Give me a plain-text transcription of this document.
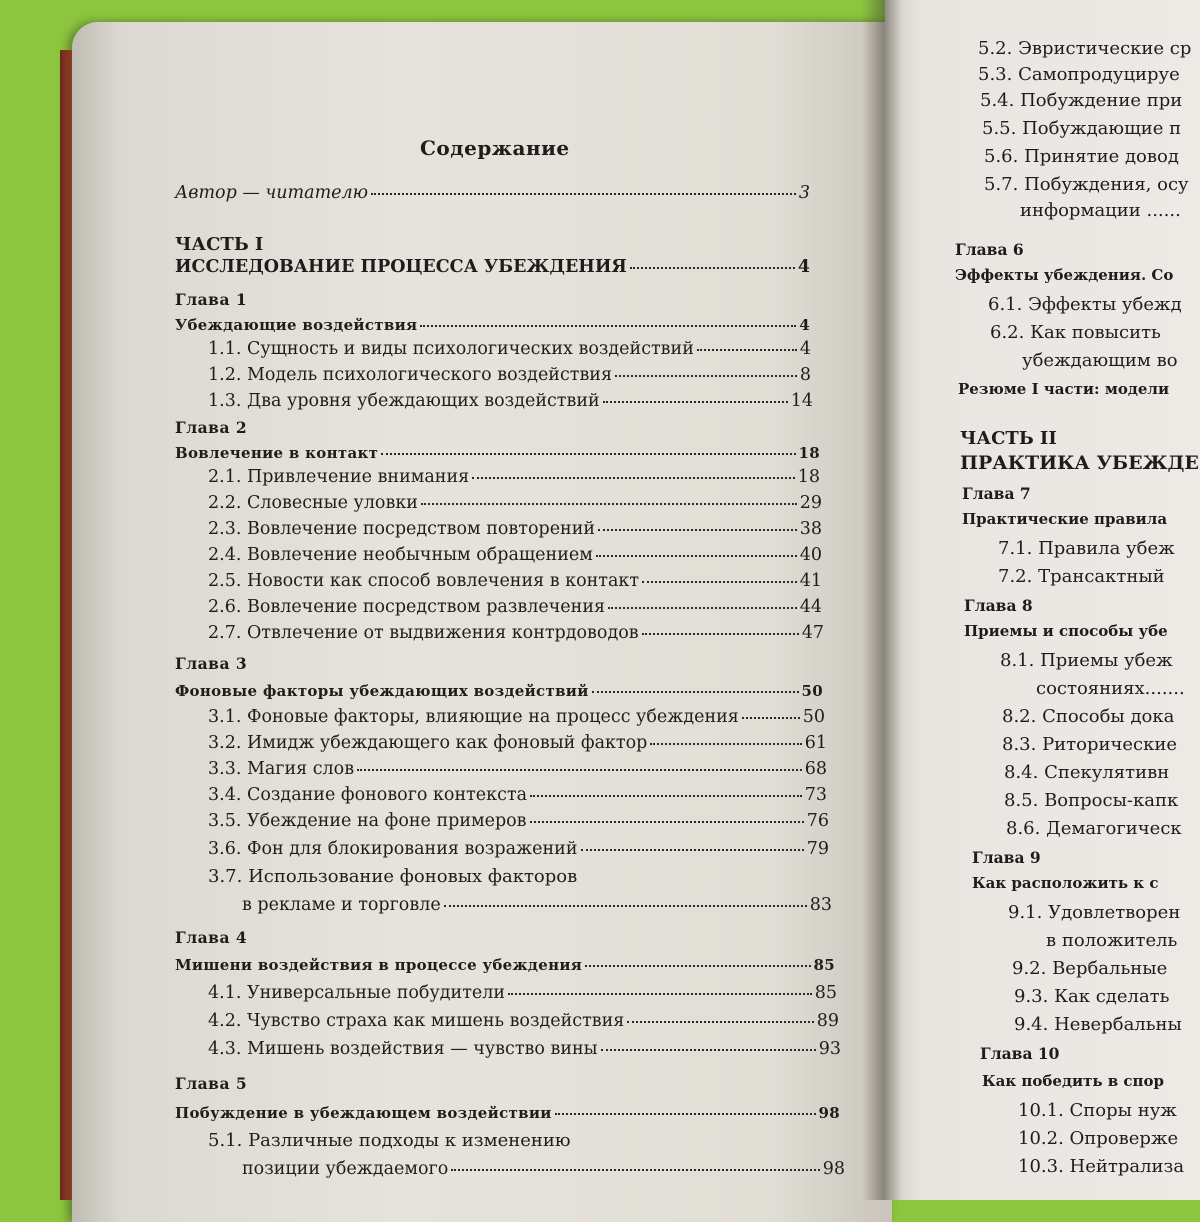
Содержание
Автор — читателю	3
ЧАСТЬ I
ИССЛЕДОВАНИЕ ПРОЦЕССА УБЕЖДЕНИЯ	4
Глава 1
Убеждающие воздействия	4
1.1. Сущность и виды психологических воздействий	4
1.2. Модель психологического воздействия	8
1.3. Два уровня убеждающих воздействий	14
Глава 2
Вовлечение в контакт	18
2.1. Привлечение внимания	18
2.2. Словесные уловки	29
2.3. Вовлечение посредством повторений	38
2.4. Вовлечение необычным обращением	40
2.5. Новости как способ вовлечения в контакт	41
2.6. Вовлечение посредством развлечения	44
2.7. Отвлечение от выдвижения контрдоводов	47
Глава 3
Фоновые факторы убеждающих воздействий	50
3.1. Фоновые факторы, влияющие на процесс убеждения	50
3.2. Имидж убеждающего как фоновый фактор	61
3.3. Магия слов	68
3.4. Создание фонового контекста	73
3.5. Убеждение на фоне примеров	76
3.6. Фон для блокирования возражений	79
3.7. Использование фоновых факторов
в рекламе и торговле	83
Глава 4
Мишени воздействия в процессе убеждения	85
4.1. Универсальные побудители	85
4.2. Чувство страха как мишень воздействия	89
4.3. Мишень воздействия — чувство вины	93
Глава 5
Побуждение в убеждающем воздействии	98
5.1. Различные подходы к изменению
позиции убеждаемого	98
5.2. Эвристические ср
5.3. Самопродуцируе
5.4. Побуждение при
5.5. Побуждающие п
5.6. Принятие довод
5.7. Побуждения, осу
информации ......
Глава 6
Эффекты убеждения. Со
6.1. Эффекты убежд
6.2. Как повысить
убеждающим во
Резюме I части: модели
ЧАСТЬ II
ПРАКТИКА УБЕЖДЕ
Глава 7
Практические правила
7.1. Правила убеж
7.2. Трансактный
Глава 8
Приемы и способы убе
8.1. Приемы убеж
состояниях.......
8.2. Способы дока
8.3. Риторические
8.4. Спекулятивн
8.5. Вопросы-капк
8.6. Демагогическ
Глава 9
Как расположить к с
9.1. Удовлетворен
в положитель
9.2. Вербальные
9.3. Как сделать
9.4. Невербальны
Глава 10
Как победить в спор
10.1. Споры нуж
10.2. Опроверже
10.3. Нейтрализа
